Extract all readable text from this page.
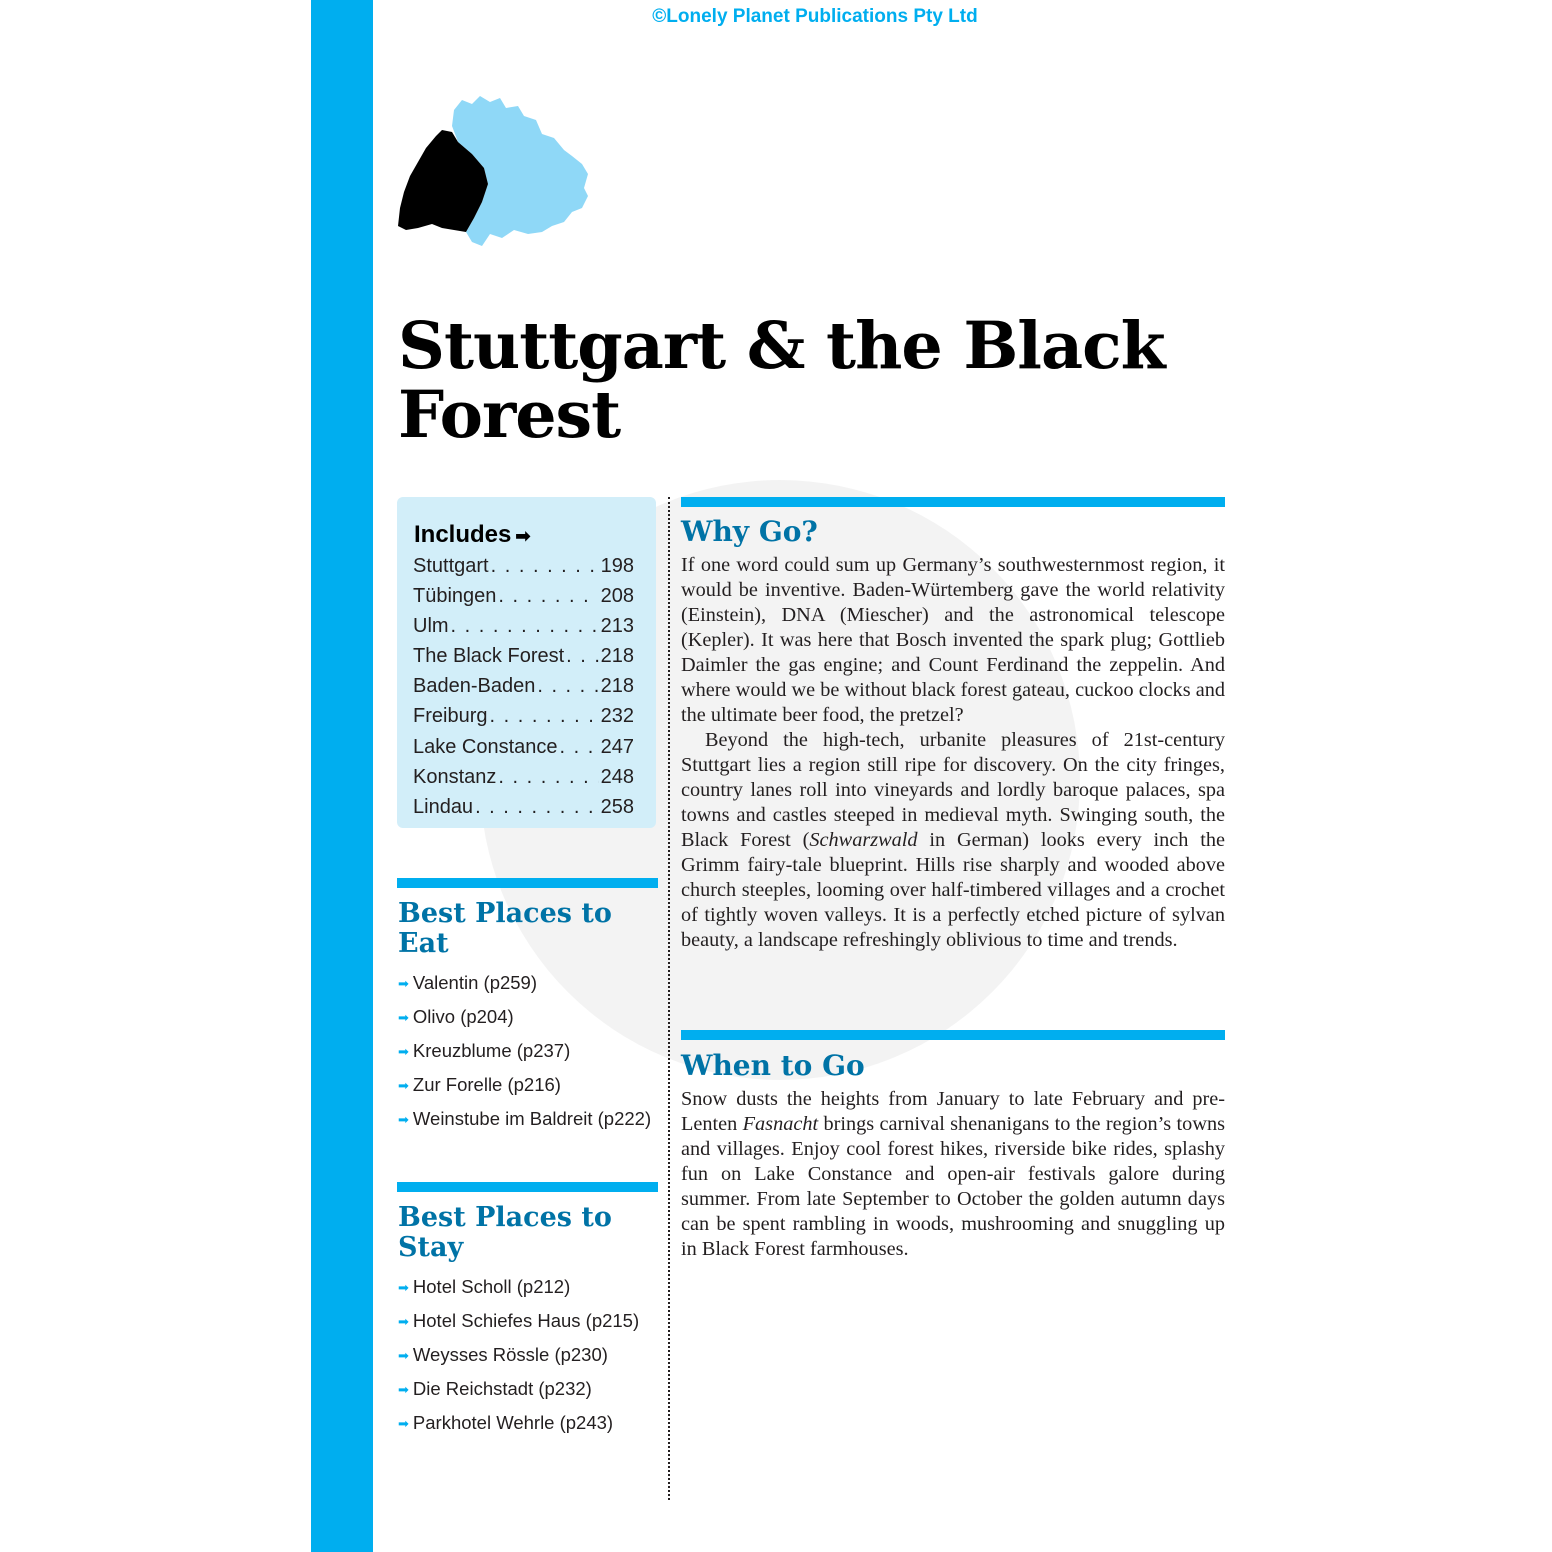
©Lonely Planet Publications Pty Ltd
Stuttgart & the Black Forest
Includes ➡
Stuttgart . . .	198
Tübingen . . .	208
Ulm . . .	213
The Black Forest . . . 218
Baden-Baden . . .	218
Freiburg . . .	232
Lake Constance . . . 247
Konstanz . . .	248
Lindau . . .	258
Best Places to Eat
➡ Valentin (p259)
➡ Olivo (p204)
➡ Kreuzblume (p237)
➡ Zur Forelle (p216)
➡ Weinstube im Baldreit (p222)
Best Places to Stay
➡ Hotel Scholl (p212)
➡ Hotel Schiefes Haus (p215)
➡ Weysses Rössle (p230)
➡ Die Reichstadt (p232)
➡ Parkhotel Wehrle (p243)
Why Go?

If one word could sum up Germany’s southwesternmost region, it would be inventive. Baden-Würtemberg gave the world relativity (Einstein), DNA (Miescher) and the astronomical telescope (Kepler). It was here that Bosch invented the spark plug; Gottlieb Daimler the gas engine; and Count Ferdinand the zeppelin. And where would we be without black forest gateau, cuckoo clocks and the ultimate beer food, the pretzel?

Beyond the high-tech, urbanite pleasures of 21st-century Stuttgart lies a region still ripe for discovery. On the city fringes, country lanes roll into vineyards and lordly baroque palaces, spa towns and castles steeped in medieval myth. Swinging south, the Black Forest (Schwarzwald in German) looks every inch the Grimm fairy-tale blueprint. Hills rise sharply and wooded above church steeples, looming over half-timbered villages and a crochet of tightly woven valleys. It is a perfectly etched picture of sylvan beauty, a landscape refreshingly oblivious to time and trends.

When to Go

Snow dusts the heights from January to late February and pre-Lenten Fasnacht brings carnival shenanigans to the region’s towns and villages. Enjoy cool forest hikes, riverside bike rides, splashy fun on Lake Constance and open-air festivals galore during summer. From late September to October the golden autumn days can be spent rambling in woods, mushrooming and snuggling up in Black Forest farmhouses.
